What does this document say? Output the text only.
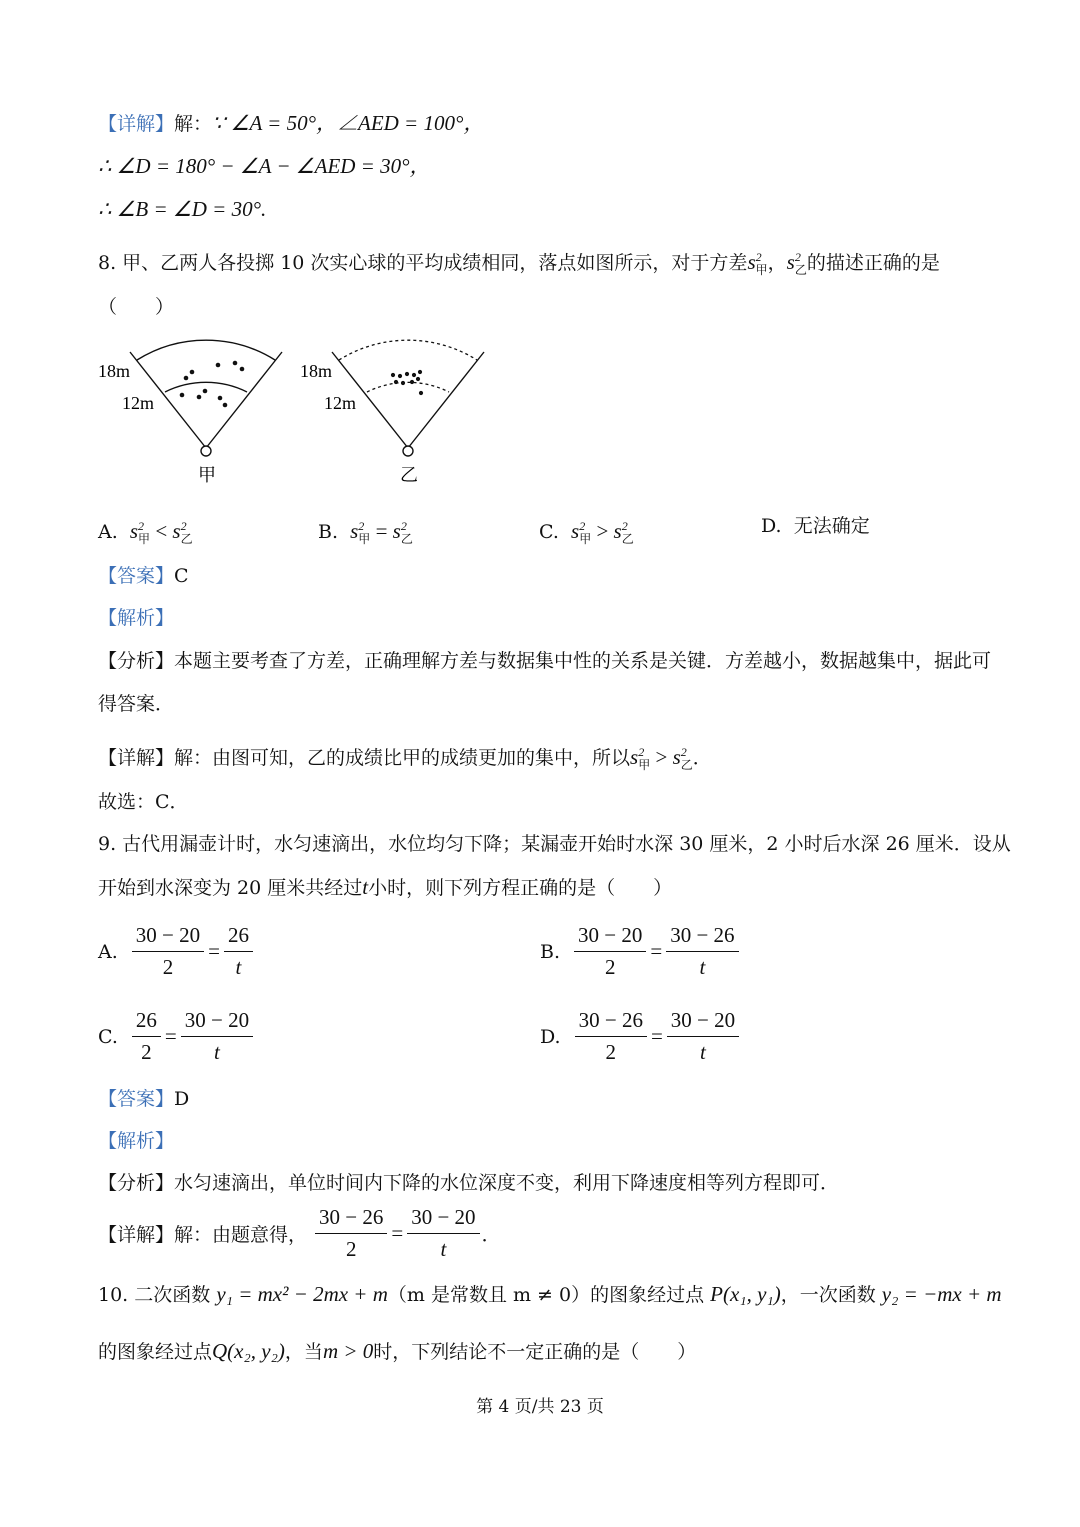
【详解】解：∵ ∠A = 50°，∠AED = 100°，
∴ ∠D = 180° − ∠A − ∠AED = 30°，
∴ ∠B = ∠D = 30°.
8. 甲、乙两人各投掷 10 次实心球的平均成绩相同，落点如图所示，对于方差$s^2_甲$，$s^2_乙$的描述正确的是
（　　）
18m
12m
甲
18m
12m
乙
A. $s^2_甲 < s^2_乙$	B. $s^2_甲 = s^2_乙$	C. $s^2_甲 > s^2_乙$
D. 无法确定
【答案】C
【解析】
【分析】本题主要考查了方差，正确理解方差与数据集中性的关系是关键．方差越小，数据越集中，据此可
得答案．
【详解】解：由图可知，乙的成绩比甲的成绩更加的集中，所以$s^2_甲 > s^2_乙$．
故选：C．
9. 古代用漏壶计时，水匀速滴出，水位均匀下降；某漏壶开始时水深 30 厘米，2 小时后水深 26 厘米．设从
开始到水深变为 20 厘米共经过t小时，则下列方程正确的是（　　）
A. $\frac{30 - 20}{2} = \frac{26}{t}$	B. $\frac{30 - 20}{2} = \frac{30 - 26}{t}$
C. $\frac{26}{2} = \frac{30 - 20}{t}$	D. $\frac{30 - 26}{2} = \frac{30 - 20}{t}$
【答案】D
【解析】
【分析】水匀速滴出，单位时间内下降的水位深度不变，利用下降速度相等列方程即可．
【详解】 解：由题意得， $\frac{30 - 26}{2} = \frac{30 - 20}{t}$ ．
10. 二次函数 y₁ = mx² − 2mx + m（m 是常数且 m ≠ 0）的图象经过点 P(x₁, y₁)，一次函数 y₂ = −mx + m
的图象经过点Q(x₂, y₂)，当m > 0时，下列结论不一定正确的是（　　）
第 4 页/共 23 页
